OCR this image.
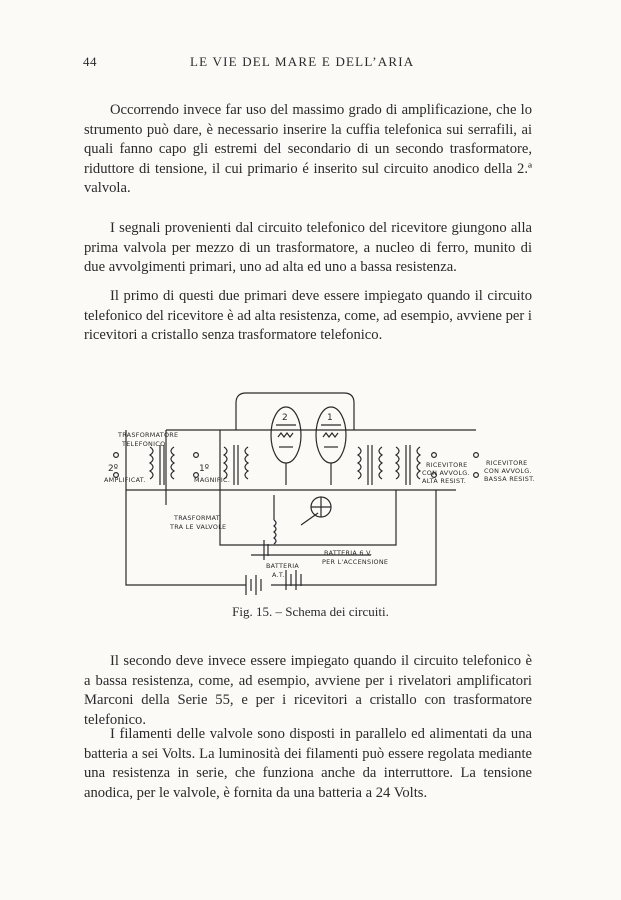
44	LE VIE DEL MARE E DELL’ARIA

Occorrendo invece far uso del massimo grado di amplificazione, che lo strumento può dare, è necessario inserire la cuffia telefonica sui serrafili, ai quali fanno capo gli estremi del secondario di un secondo trasformatore, riduttore di tensione, il cui primario é inserito sul circuito anodico della 2.ª valvola.

I segnali provenienti dal circuito telefonico del ricevitore giungono alla prima valvola per mezzo di un trasformatore, a nucleo di ferro, munito di due avvolgimenti primari, uno ad alta ed uno a bassa resistenza.

Il primo di questi due primari deve essere impiegato quando il circuito telefonico del ricevitore è ad alta resistenza, come, ad esempio, avviene per i ricevitori a cristallo senza trasformatore telefonico.

TRASFORMATORE
TELEFONICO
2º
AMPLIFICAT.
1º
MAGNIFIC.
TRASFORMAT.
TRA LE VALVOLE
2	1
RICEVITORE
CON AVVOLG.
ALTA RESIST.
RICEVITORE
CON AVVOLG.
BASSA RESIST.
BATTERIA 6 V.
PER L'ACCENSIONE
BATTERIA
A.T.
Fig. 15. – Schema dei circuiti.

Il secondo deve invece essere impiegato quando il circuito telefonico è a bassa resistenza, come, ad esempio, avviene per i rivelatori amplificatori Marconi della Serie 55, e per i ricevitori a cristallo con trasformatore telefonico.

I filamenti delle valvole sono disposti in parallelo ed alimentati da una batteria a sei Volts. La luminosità dei filamenti può essere regolata mediante una resistenza in serie, che funziona anche da interruttore. La tensione anodica, per le valvole, è fornita da una batteria a 24 Volts.
